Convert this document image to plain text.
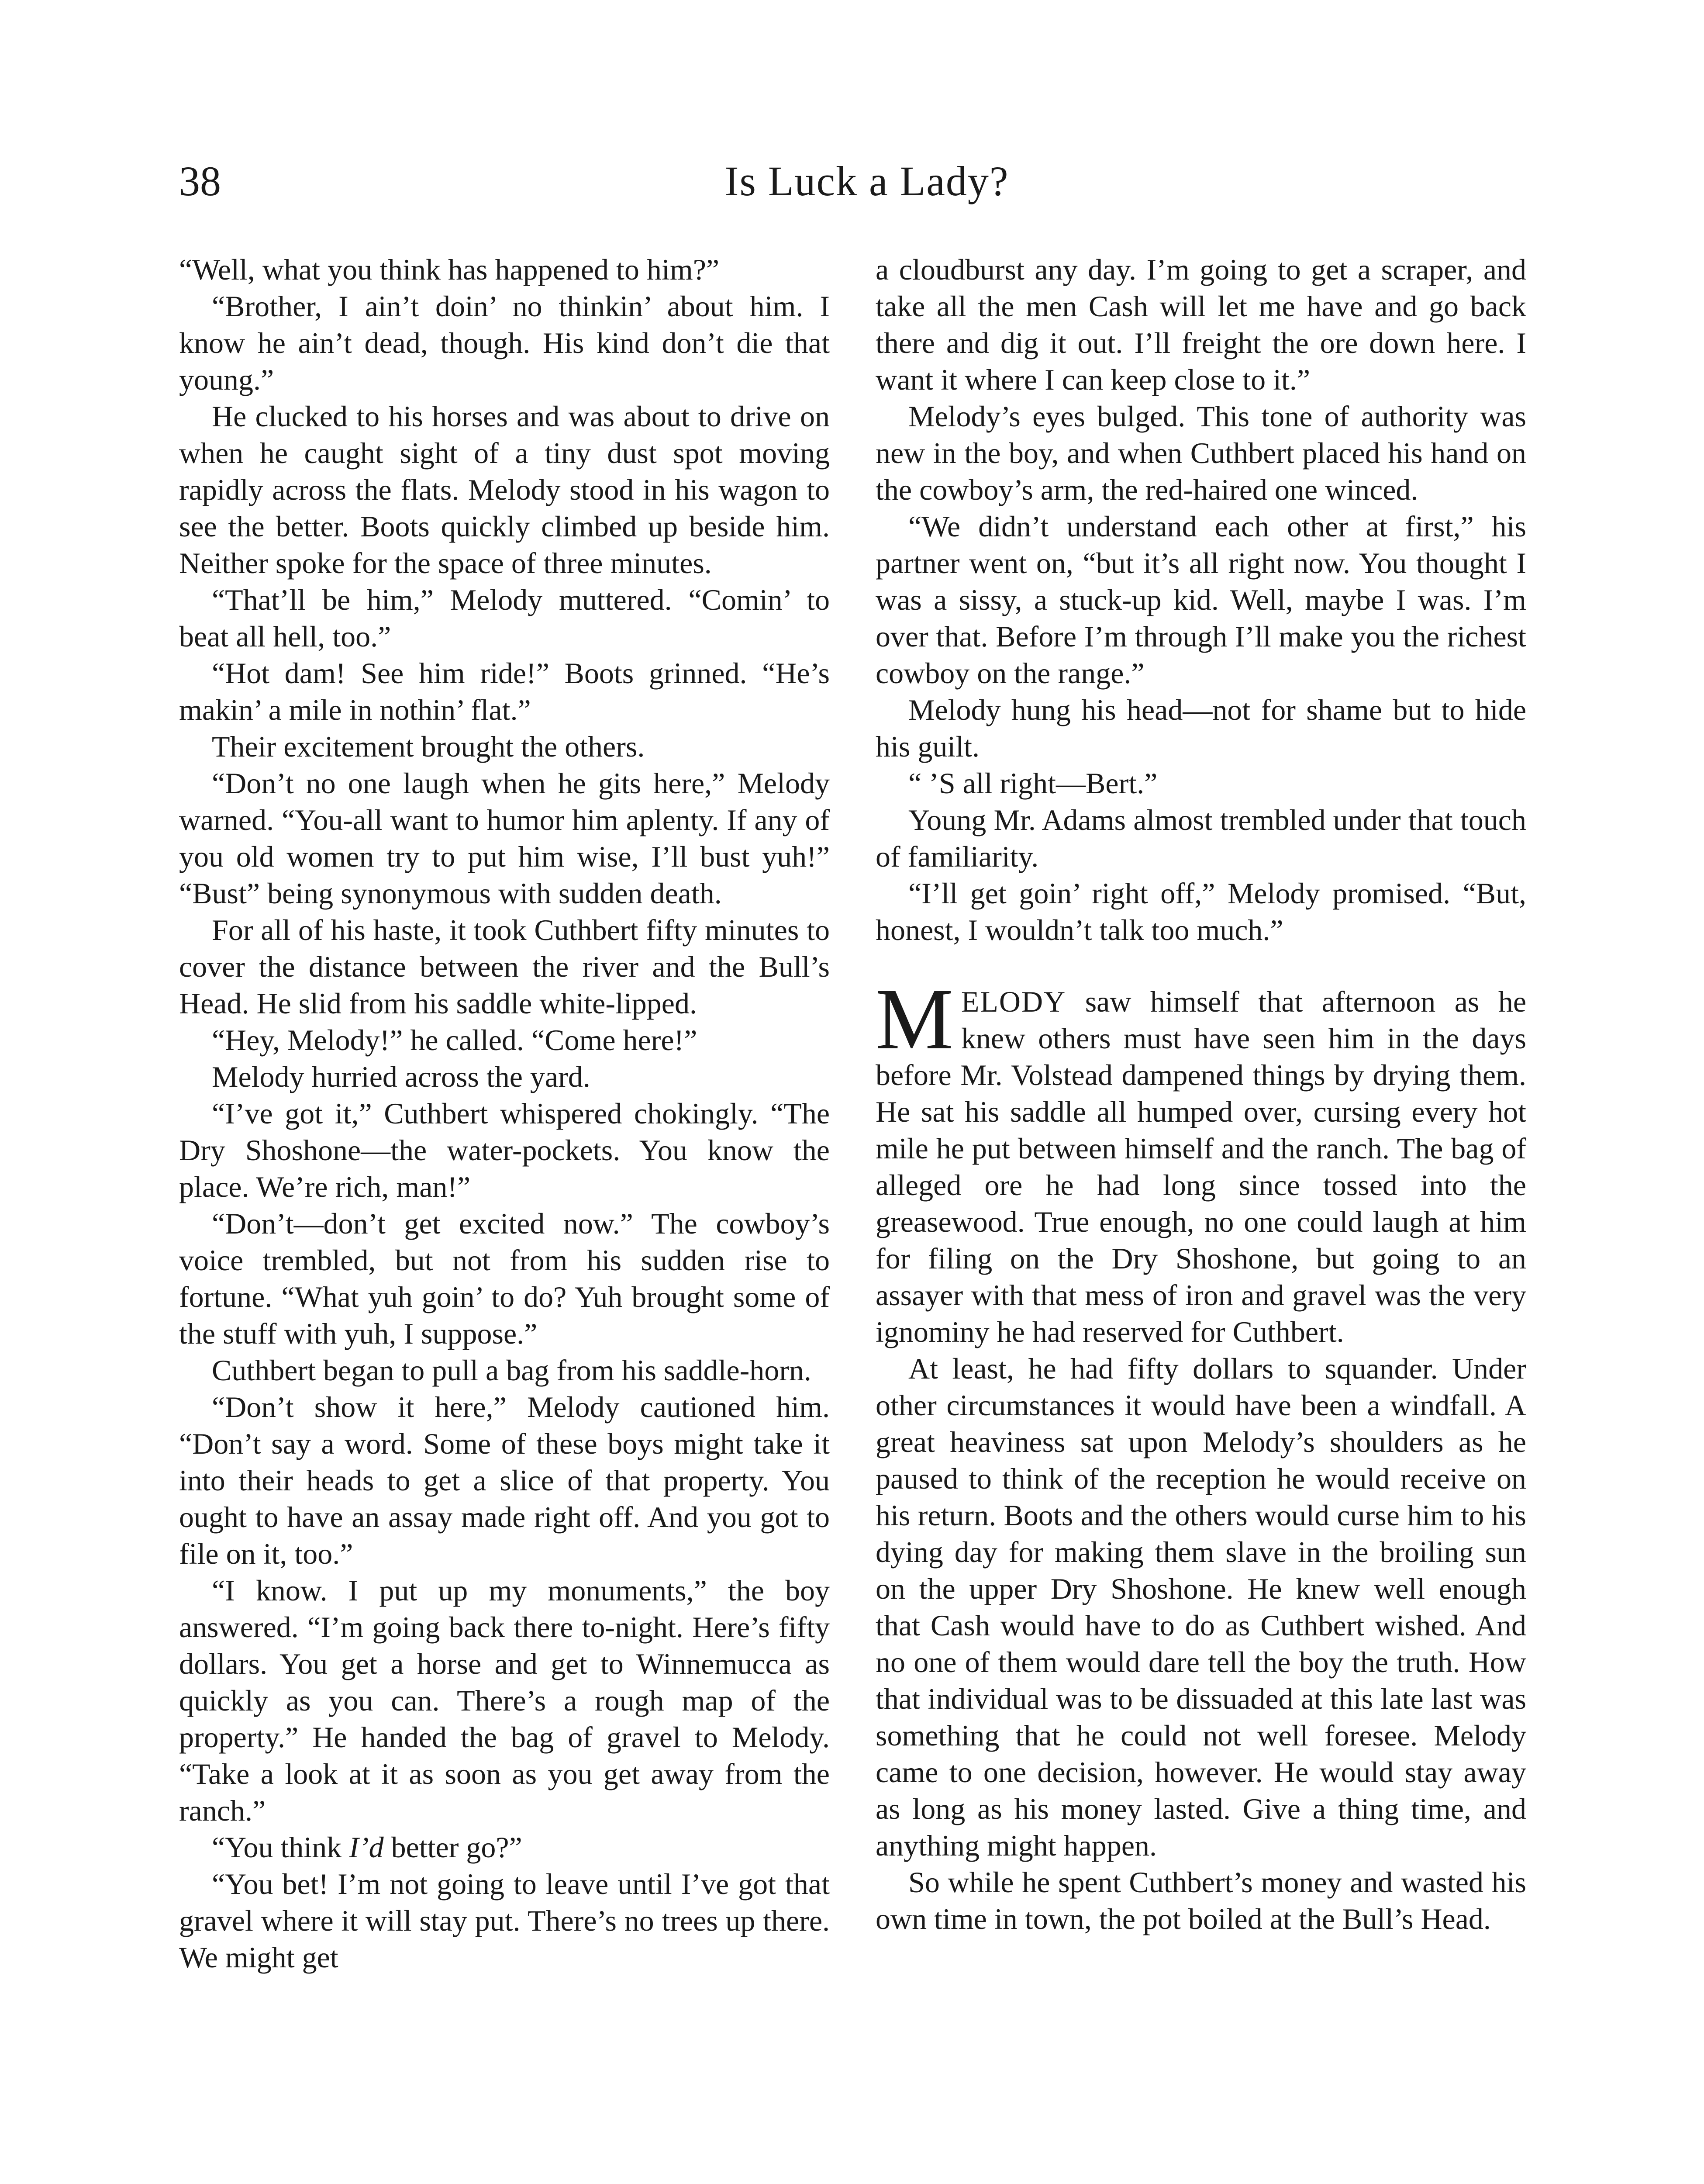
38	Is Luck a Lady?

“Well, what you think has happened to him?”

“Brother, I ain’t doin’ no thinkin’ about him. I know he ain’t dead, though. His kind don’t die that young.”

He clucked to his horses and was about to drive on when he caught sight of a tiny dust spot moving rapidly across the flats. Melody stood in his wagon to see the better. Boots quickly climbed up beside him. Neither spoke for the space of three minutes.

“That’ll be him,” Melody muttered. “Comin’ to beat all hell, too.”

“Hot dam! See him ride!” Boots grinned. “He’s makin’ a mile in nothin’ flat.”

Their excitement brought the others.

“Don’t no one laugh when he gits here,” Melody warned. “You-all want to humor him aplenty. If any of you old women try to put him wise, I’ll bust yuh!” “Bust” being synonymous with sudden death.

For all of his haste, it took Cuthbert fifty minutes to cover the distance between the river and the Bull’s Head. He slid from his saddle white-lipped.

“Hey, Melody!” he called. “Come here!”

Melody hurried across the yard.

“I’ve got it,” Cuthbert whispered chokingly. “The Dry Shoshone—the water-pockets. You know the place. We’re rich, man!”

“Don’t—don’t get excited now.” The cowboy’s voice trembled, but not from his sudden rise to fortune. “What yuh goin’ to do? Yuh brought some of the stuff with yuh, I suppose.”

Cuthbert began to pull a bag from his saddle-horn.

“Don’t show it here,” Melody cautioned him. “Don’t say a word. Some of these boys might take it into their heads to get a slice of that property. You ought to have an assay made right off. And you got to file on it, too.”

“I know. I put up my monuments,” the boy answered. “I’m going back there to-night. Here’s fifty dollars. You get a horse and get to Winnemucca as quickly as you can. There’s a rough map of the property.” He handed the bag of gravel to Melody. “Take a look at it as soon as you get away from the ranch.”

“You think I’d better go?”

“You bet! I’m not going to leave until I’ve got that gravel where it will stay put. There’s no trees up there. We might get

a cloudburst any day. I’m going to get a scraper, and take all the men Cash will let me have and go back there and dig it out. I’ll freight the ore down here. I want it where I can keep close to it.”

Melody’s eyes bulged. This tone of authority was new in the boy, and when Cuthbert placed his hand on the cowboy’s arm, the red-haired one winced.

“We didn’t understand each other at first,” his partner went on, “but it’s all right now. You thought I was a sissy, a stuck-up kid. Well, maybe I was. I’m over that. Before I’m through I’ll make you the richest cowboy on the range.”

Melody hung his head—not for shame but to hide his guilt.

“ ’S all right—Bert.”

Young Mr. Adams almost trembled under that touch of familiarity.

“I’ll get goin’ right off,” Melody promised. “But, honest, I wouldn’t talk too much.”

MELODY saw himself that afternoon as he knew others must have seen him in the days before Mr. Volstead dampened things by drying them. He sat his saddle all humped over, cursing every hot mile he put between himself and the ranch. The bag of alleged ore he had long since tossed into the greasewood. True enough, no one could laugh at him for filing on the Dry Shoshone, but going to an assayer with that mess of iron and gravel was the very ignominy he had reserved for Cuthbert.

At least, he had fifty dollars to squander. Under other circumstances it would have been a windfall. A great heaviness sat upon Melody’s shoulders as he paused to think of the reception he would receive on his return. Boots and the others would curse him to his dying day for making them slave in the broiling sun on the upper Dry Shoshone. He knew well enough that Cash would have to do as Cuthbert wished. And no one of them would dare tell the boy the truth. How that individual was to be dissuaded at this late last was something that he could not well foresee. Melody came to one decision, however. He would stay away as long as his money lasted. Give a thing time, and anything might happen.

So while he spent Cuthbert’s money and wasted his own time in town, the pot boiled at the Bull’s Head.
